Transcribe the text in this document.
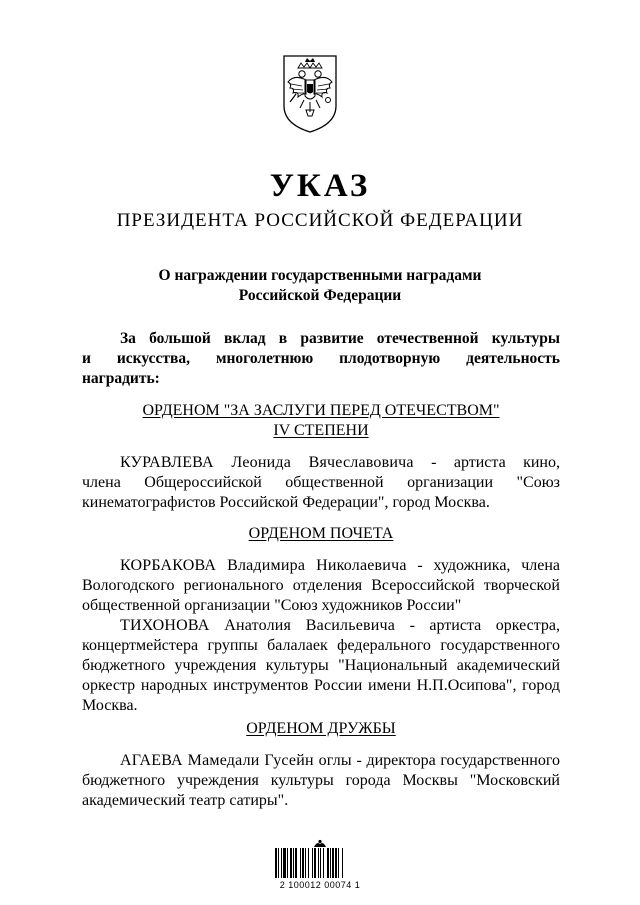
УКАЗ
ПРЕЗИДЕНТА РОССИЙСКОЙ ФЕДЕРАЦИИ
О награждении государственными наградами
Российской Федерации
За большой вклад в развитие отечественной культуры
и искусства, многолетнюю плодотворную деятельность
наградить:
ОРДЕНОМ "ЗА ЗАСЛУГИ ПЕРЕД ОТЕЧЕСТВОМ"
IV СТЕПЕНИ
КУРАВЛЕВА Леонида Вячеславовича - артиста кино,
члена Общероссийской общественной организации "Союз
кинематографистов Российской Федерации", город Москва.
ОРДЕНОМ ПОЧЕТА
КОРБАКОВА Владимира Николаевича - художника, члена
Вологодского регионального отделения Всероссийской творческой
общественной организации "Союз художников России"
ТИХОНОВА Анатолия Васильевича - артиста оркестра,
концертмейстера группы балалаек федерального государственного
бюджетного учреждения культуры "Национальный академический
оркестр народных инструментов России имени Н.П.Осипова", город
Москва.
ОРДЕНОМ ДРУЖБЫ
АГАЕВА Мамедали Гусейн оглы - директора государственного
бюджетного учреждения культуры города Москвы "Московский
академический театр сатиры".
2 100012 00074 1
